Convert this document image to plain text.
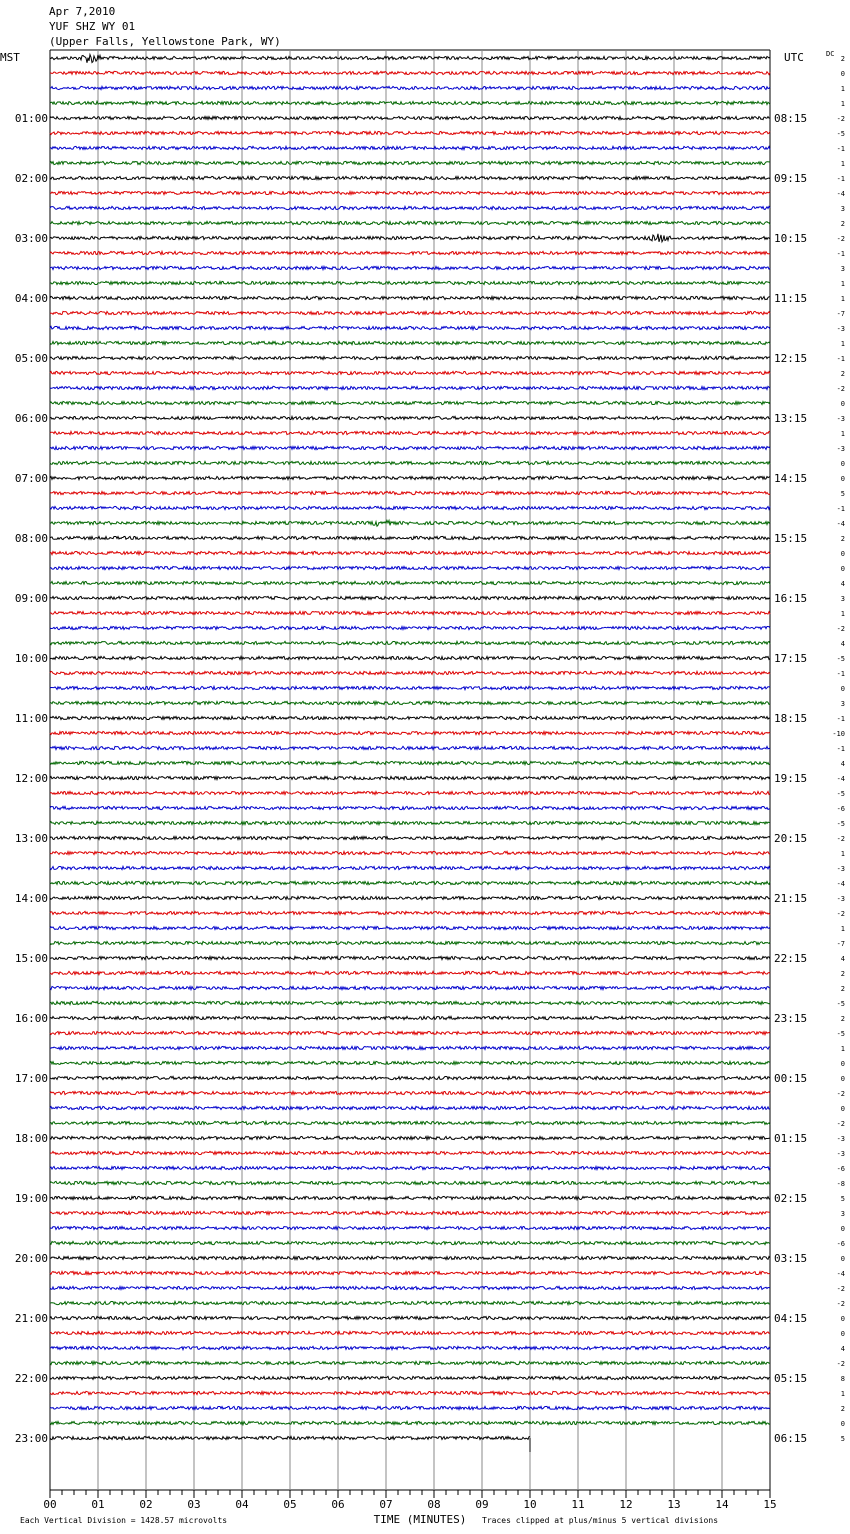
Apr 7,2010
YUF SHZ WY 01
(Upper Falls, Yellowstone Park, WY)
MST	UTC	DC
01:00
02:00
03:00
04:00
05:00
06:00
07:00
08:00
09:00
10:00
11:00
12:00
13:00
14:00
15:00
16:00
17:00
18:00
19:00
20:00
21:00
22:00
23:00
08:15
09:15
10:15
11:15
12:15
13:15
14:15
15:15
16:15
17:15
18:15
19:15
20:15
21:15
22:15
23:15
00:15
01:15
02:15
03:15
04:15
05:15
06:15
2
0
1
1
-2
-5
-1
1
-1
-4
3
2
-2
-1
3
1
1
-7
-3
1
-1
2
-2
0
-3
1
-3
0
0
5
-1
-4
2
0
0
4
3
1
-2
4
-5
-1
0
3
-1
-10
-1
4
-4
-5
-6
-5
-2
1
-3
-4
-3
-2
1
-7
4
2
2
-5
2
-5
1
0
0
-2
0
-2
-3
-3
-6
-8
5
3
0
-6
0
-4
-2
-2
0
0
4
-2
8
1
2
0
5
00	01	02	03	04	05	06	07	08	09	10	11	12	13	14	15
TIME (MINUTES)
Each Vertical Division = 1428.57 microvolts	Traces clipped at plus/minus 5 vertical divisions
